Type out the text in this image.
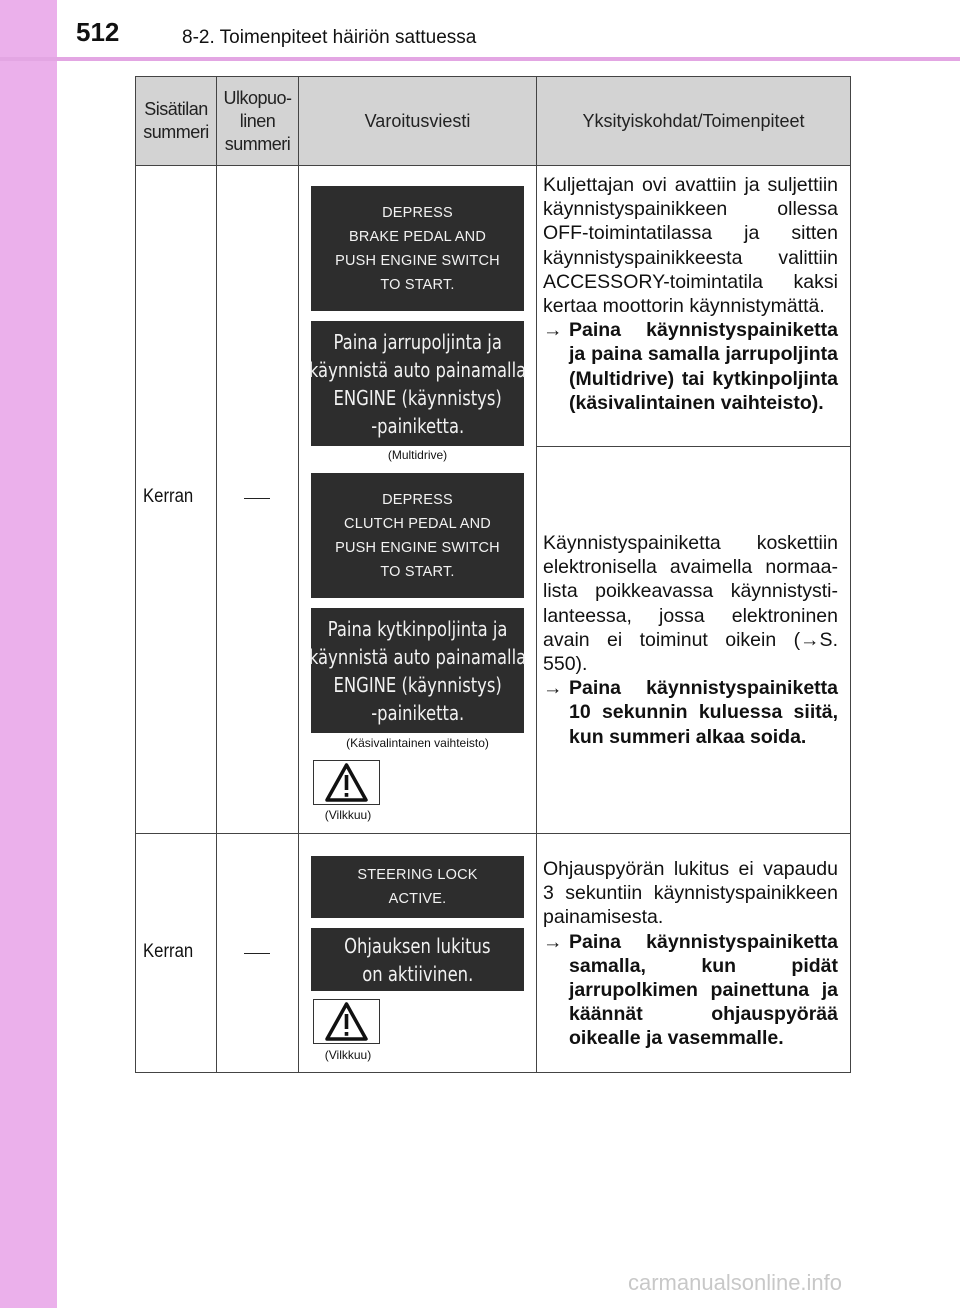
512	8-2. Toimenpiteet häiriön sattuessa
Sisätilan
summeri
Ulkopuo-
linen
summeri
Varoitusviesti	Yksityiskohdat/Toimenpiteet
Kerran
DEPRESS
BRAKE PEDAL AND
PUSH ENGINE SWITCH
TO START.
Paina jarrupoljinta ja
käynnistä auto painamalla
ENGINE (käynnistys)
-painiketta.
(Multidrive)
DEPRESS
CLUTCH PEDAL AND
PUSH ENGINE SWITCH
TO START.
Paina kytkinpoljinta ja
käynnistä auto painamalla
ENGINE (käynnistys)
-painiketta.
(Käsivalintainen vaihteisto)
(Vilkkuu)

Kuljettajan ovi avattiin ja suljettiin käynnistyspainikkeen ollessa OFF-toimintatilassa ja sitten käynnistyspainikkeesta valittiin ACCESSORY-toimintatila kaksi kertaa moottorin käynnistymättä.

→ Paina käynnistyspainiketta ja paina samalla jarrupoljinta (Multidrive) tai kytkinpoljinta (käsivalintainen vaihteisto).

Käynnistyspainiketta koskettiin elektronisella avaimella normaalista poikkeavassa käynnistystilanteessa, jossa elektroninen avain ei toiminut oikein (→S. 550).

→ Paina käynnistyspainiketta 10 sekunnin kuluessa siitä, kun summeri alkaa soida.
Kerran
STEERING LOCK
ACTIVE.
Ohjauksen lukitus
on aktiivinen.
(Vilkkuu)

Ohjauspyörän lukitus ei vapaudu 3 sekuntiin käynnistyspainikkeen painamisesta.

→ Paina käynnistyspainiketta samalla, kun pidät jarrupolkimen painettuna ja käännät ohjauspyörää oikealle ja vasemmalle.
carmanualsonline.info
